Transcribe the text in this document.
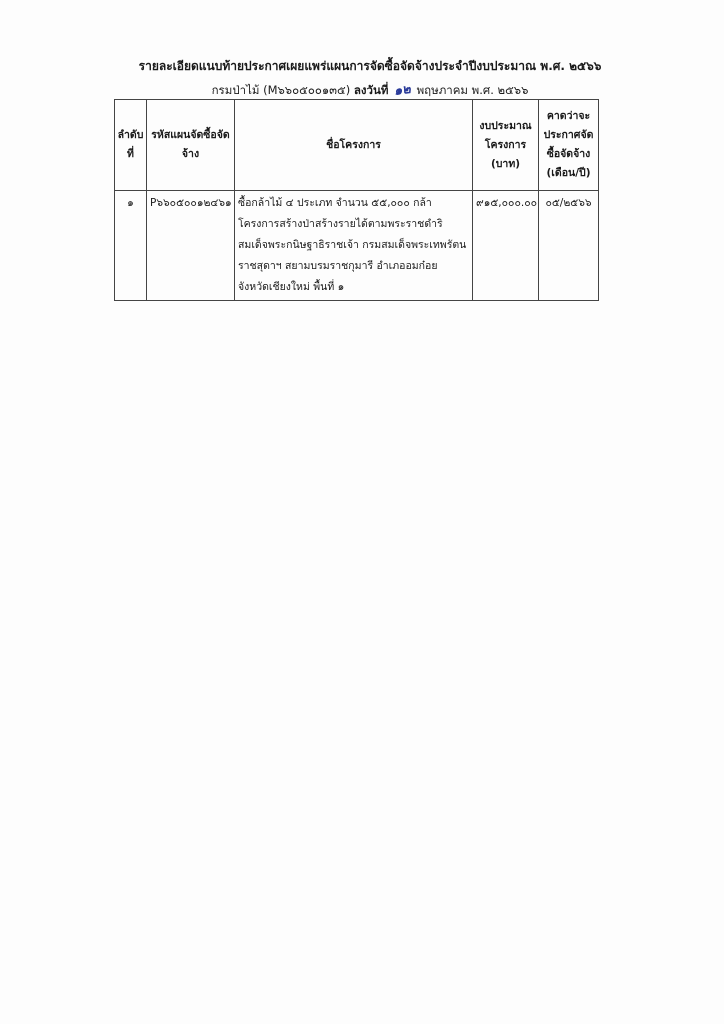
รายละเอียดแนบท้ายประกาศเผยแพร่แผนการจัดซื้อจัดจ้างประจำปีงบประมาณ พ.ศ. ๒๕๖๖
กรมป่าไม้ (M๖๖๐๕๐๐๑๓๕) ลงวันที่ ๑๒ พฤษภาคม พ.ศ. ๒๕๖๖
ลำดับที่	รหัสแผนจัดซื้อจัดจ้าง	ชื่อโครงการ	งบประมาณโครงการ (บาท)	คาดว่าจะประกาศจัดซื้อจัดจ้าง (เดือน/ปี)
๑	P๖๖๐๕๐๐๑๒๔๖๑	ซื้อกล้าไม้ ๔ ประเภท จำนวน ๕๕,๐๐๐ กล้า โครงการสร้างป่าสร้างรายได้ตามพระราชดำริ สมเด็จพระกนิษฐาธิราชเจ้า กรมสมเด็จพระเทพรัตนราชสุดาฯ สยามบรมราชกุมารี อำเภออมก๋อย จังหวัดเชียงใหม่ พื้นที่ ๑	๙๑๕,๐๐๐.๐๐	๐๕/๒๕๖๖
